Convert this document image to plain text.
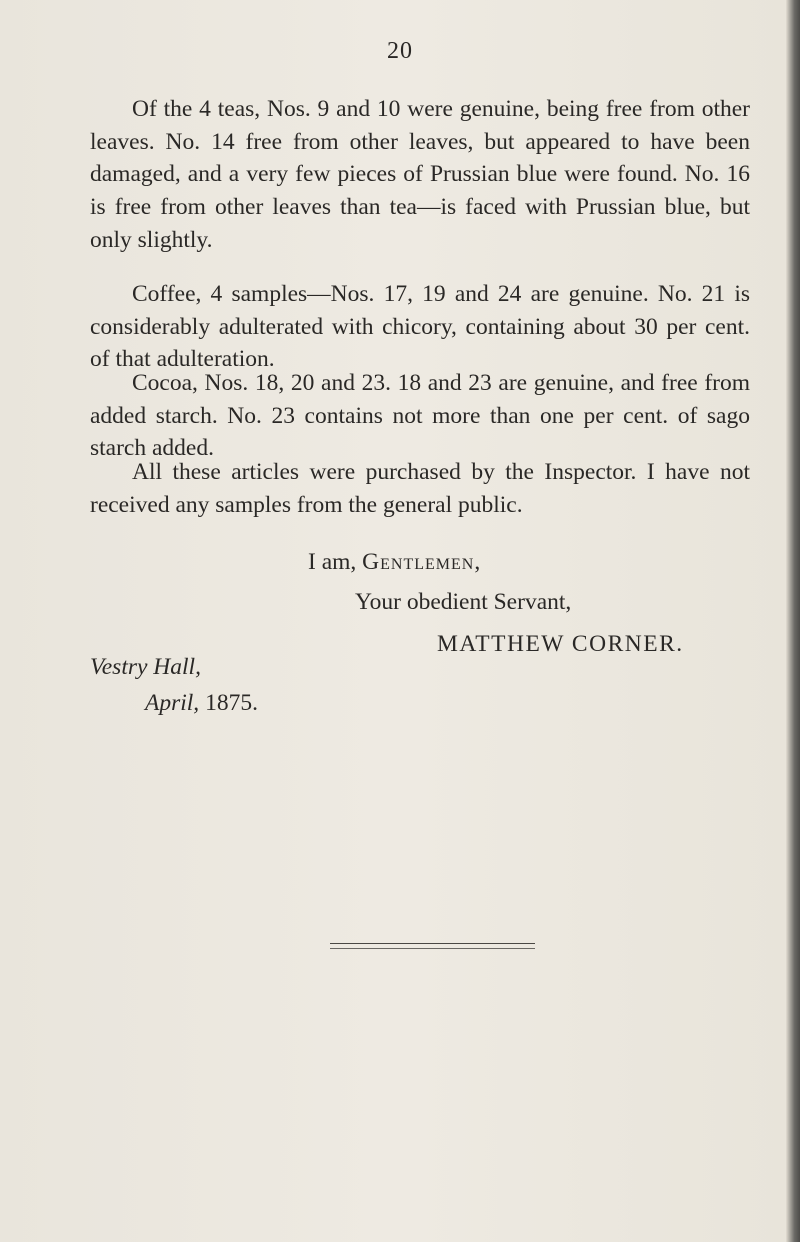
20

Of the 4 teas, Nos. 9 and 10 were genuine, being free from other leaves. No. 14 free from other leaves, but appeared to have been damaged, and a very few pieces of Prussian blue were found. No. 16 is free from other leaves than tea—is faced with Prussian blue, but only slightly.

Coffee, 4 samples—Nos. 17, 19 and 24 are genuine. No. 21 is considerably adulterated with chicory, containing about 30 per cent. of that adulteration.

Cocoa, Nos. 18, 20 and 23. 18 and 23 are genuine, and free from added starch. No. 23 contains not more than one per cent. of sago starch added.

All these articles were purchased by the Inspector. I have not received any samples from the general public.

I am, Gentlemen,
Your obedient Servant,
MATTHEW CORNER.
Vestry Hall,
April, 1875.
